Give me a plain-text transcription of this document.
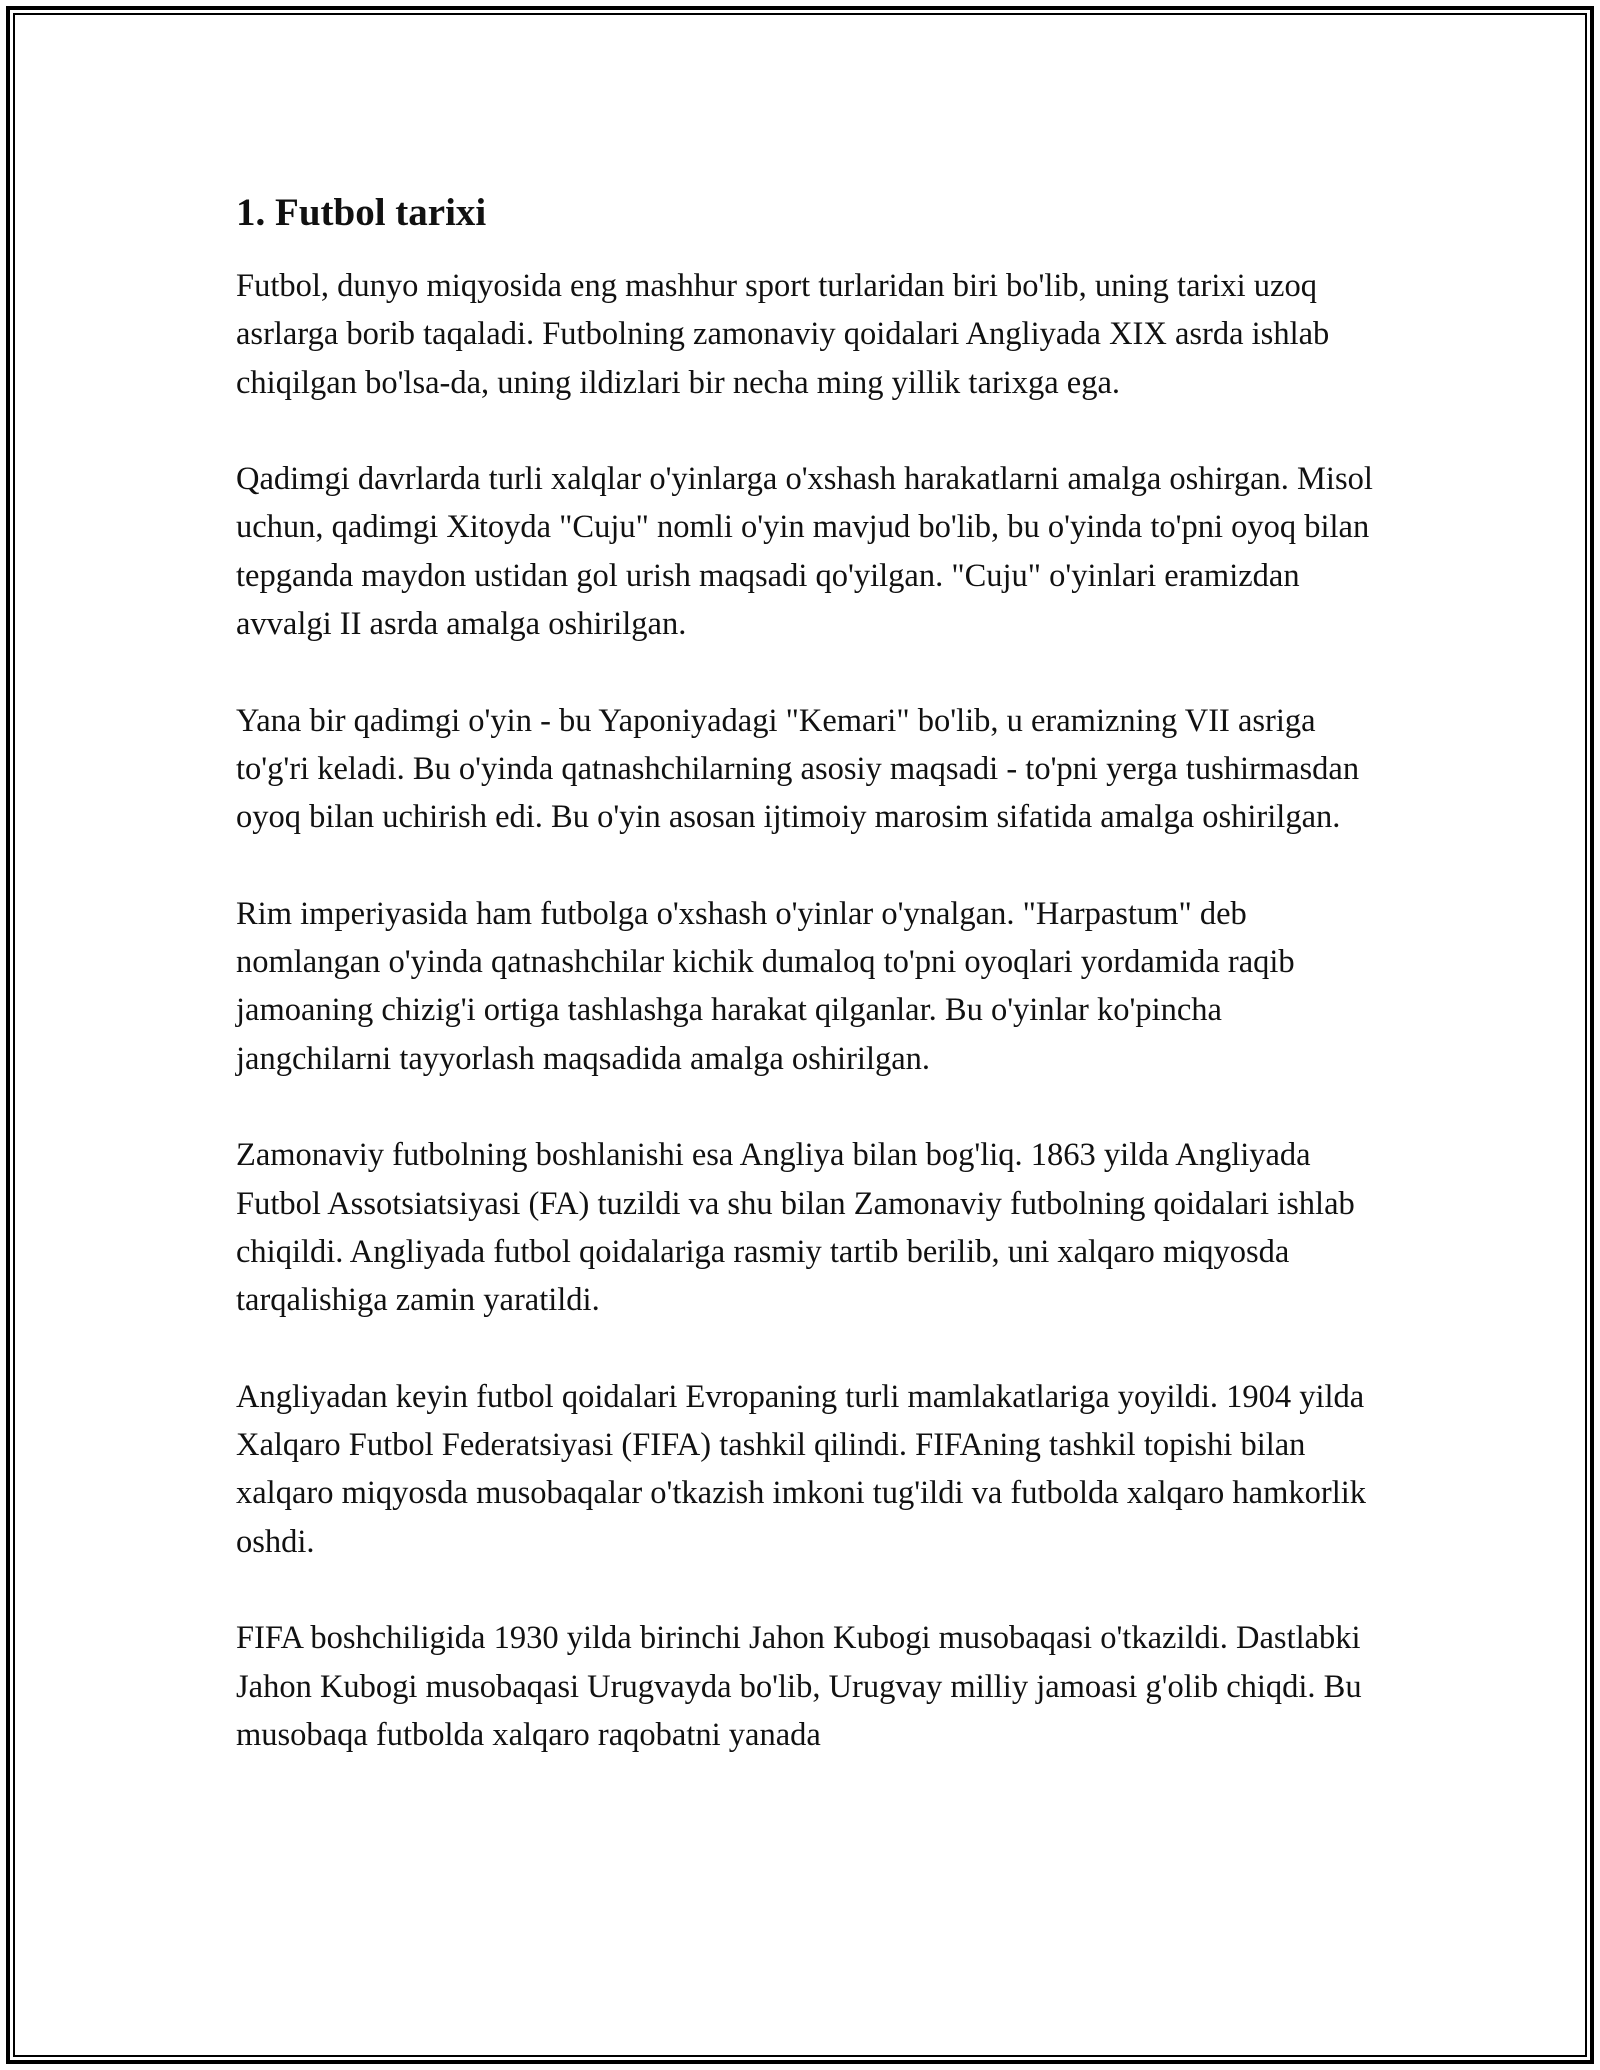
1. Futbol tarixi

Futbol, dunyo miqyosida eng mashhur sport turlaridan biri bo'lib, uning tarixi uzoq asrlarga borib taqaladi. Futbolning zamonaviy qoidalari Angliyada XIX asrda ishlab chiqilgan bo'lsa-da, uning ildizlari bir necha ming yillik tarixga ega.

Qadimgi davrlarda turli xalqlar o'yinlarga o'xshash harakatlarni amalga oshirgan. Misol uchun, qadimgi Xitoyda "Cuju" nomli o'yin mavjud bo'lib, bu o'yinda to'pni oyoq bilan tepganda maydon ustidan gol urish maqsadi qo'yilgan. "Cuju" o'yinlari eramizdan avvalgi II asrda amalga oshirilgan.

Yana bir qadimgi o'yin - bu Yaponiyadagi "Kemari" bo'lib, u eramizning VII asriga to'g'ri keladi. Bu o'yinda qatnashchilarning asosiy maqsadi - to'pni yerga tushirmasdan oyoq bilan uchirish edi. Bu o'yin asosan ijtimoiy marosim sifatida amalga oshirilgan.

Rim imperiyasida ham futbolga o'xshash o'yinlar o'ynalgan. "Harpastum" deb nomlangan o'yinda qatnashchilar kichik dumaloq to'pni oyoqlari yordamida raqib jamoaning chizig'i ortiga tashlashga harakat qilganlar. Bu o'yinlar ko'pincha jangchilarni tayyorlash maqsadida amalga oshirilgan.

Zamonaviy futbolning boshlanishi esa Angliya bilan bog'liq. 1863 yilda Angliyada Futbol Assotsiatsiyasi (FA) tuzildi va shu bilan Zamonaviy futbolning qoidalari ishlab chiqildi. Angliyada futbol qoidalariga rasmiy tartib berilib, uni xalqaro miqyosda tarqalishiga zamin yaratildi.

Angliyadan keyin futbol qoidalari Evropaning turli mamlakatlariga yoyildi. 1904 yilda Xalqaro Futbol Federatsiyasi (FIFA) tashkil qilindi. FIFAning tashkil topishi bilan xalqaro miqyosda musobaqalar o'tkazish imkoni tug'ildi va futbolda xalqaro hamkorlik oshdi.

FIFA boshchiligida 1930 yilda birinchi Jahon Kubogi musobaqasi o'tkazildi. Dastlabki Jahon Kubogi musobaqasi Urugvayda bo'lib, Urugvay milliy jamoasi g'olib chiqdi. Bu musobaqa futbolda xalqaro raqobatni yanada
